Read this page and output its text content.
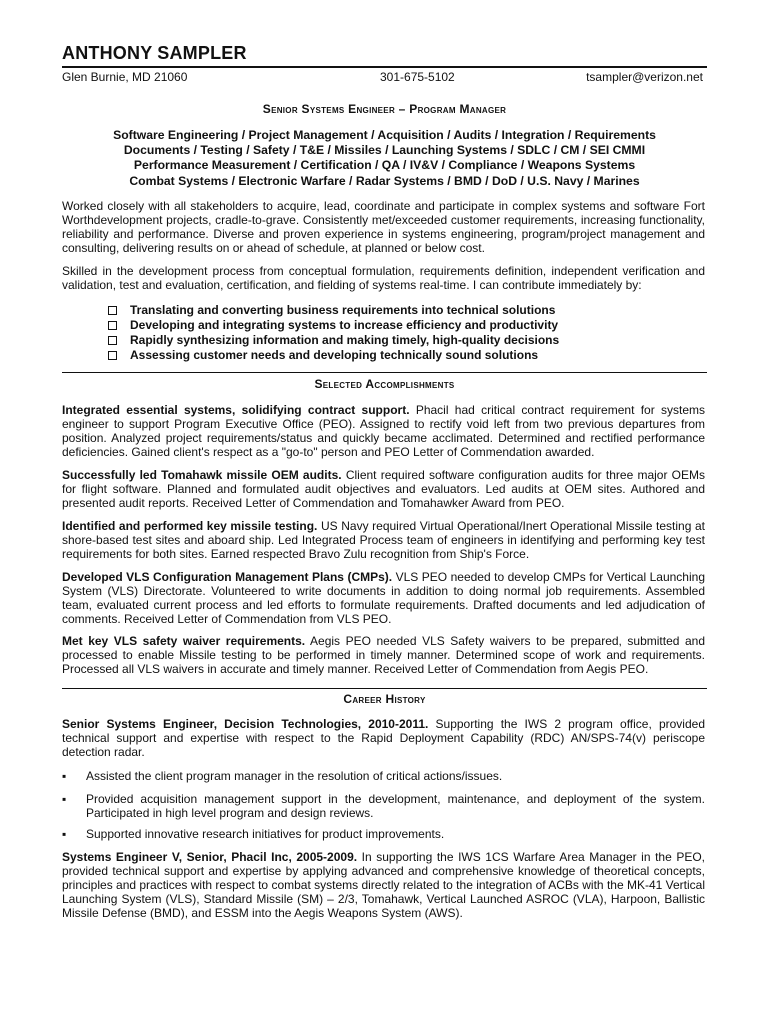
ANTHONY SAMPLER
Glen Burnie, MD 21060	301-675-5102	tsampler@verizon.net
Senior Systems Engineer – Program Manager
Software Engineering / Project Management / Acquisition / Audits / Integration / Requirements
Documents / Testing / Safety / T&E / Missiles / Launching Systems / SDLC / CM / SEI CMMI
Performance Measurement / Certification / QA / IV&V / Compliance / Weapons Systems
Combat Systems / Electronic Warfare / Radar Systems / BMD / DoD / U.S. Navy / Marines
Worked closely with all stakeholders to acquire, lead, coordinate and participate in complex systems and software Fort Worthdevelopment projects, cradle-to-grave. Consistently met/exceeded customer requirements, increasing functionality, reliability and performance. Diverse and proven experience in systems engineering, program/project management and consulting, delivering results on or ahead of schedule, at planned or below cost.
Skilled in the development process from conceptual formulation, requirements definition, independent verification and validation, test and evaluation, certification, and fielding of systems real-time. I can contribute immediately by:
Translating and converting business requirements into technical solutions
Developing and integrating systems to increase efficiency and productivity
Rapidly synthesizing information and making timely, high-quality decisions
Assessing customer needs and developing technically sound solutions
Selected Accomplishments
Integrated essential systems, solidifying contract support. Phacil had critical contract requirement for systems engineer to support Program Executive Office (PEO). Assigned to rectify void left from two previous departures from position. Analyzed project requirements/status and quickly became acclimated. Determined and rectified performance deficiencies. Gained client's respect as a "go-to" person and PEO Letter of Commendation awarded.
Successfully led Tomahawk missile OEM audits. Client required software configuration audits for three major OEMs for flight software. Planned and formulated audit objectives and evaluators. Led audits at OEM sites. Authored and presented audit reports. Received Letter of Commendation and Tomahawker Award from PEO.
Identified and performed key missile testing. US Navy required Virtual Operational/Inert Operational Missile testing at shore-based test sites and aboard ship. Led Integrated Process team of engineers in identifying and performing key test requirements for both sites. Earned respected Bravo Zulu recognition from Ship's Force.
Developed VLS Configuration Management Plans (CMPs). VLS PEO needed to develop CMPs for Vertical Launching System (VLS) Directorate. Volunteered to write documents in addition to doing normal job requirements. Assembled team, evaluated current process and led efforts to formulate requirements. Drafted documents and led adjudication of comments. Received Letter of Commendation from VLS PEO.
Met key VLS safety waiver requirements. Aegis PEO needed VLS Safety waivers to be prepared, submitted and processed to enable Missile testing to be performed in timely manner. Determined scope of work and requirements. Processed all VLS waivers in accurate and timely manner. Received Letter of Commendation from Aegis PEO.
Career History
Senior Systems Engineer, Decision Technologies, 2010-2011. Supporting the IWS 2 program office, provided technical support and expertise with respect to the Rapid Deployment Capability (RDC) AN/SPS-74(v) periscope detection radar.
▪ Assisted the client program manager in the resolution of critical actions/issues.
▪ Provided acquisition management support in the development, maintenance, and deployment of the system. Participated in high level program and design reviews.
▪ Supported innovative research initiatives for product improvements.
Systems Engineer V, Senior, Phacil Inc, 2005-2009. In supporting the IWS 1CS Warfare Area Manager in the PEO, provided technical support and expertise by applying advanced and comprehensive knowledge of theoretical concepts, principles and practices with respect to combat systems directly related to the integration of ACBs with the MK-41 Vertical Launching System (VLS), Standard Missile (SM) – 2/3, Tomahawk, Vertical Launched ASROC (VLA), Harpoon, Ballistic Missile Defense (BMD), and ESSM into the Aegis Weapons System (AWS).
